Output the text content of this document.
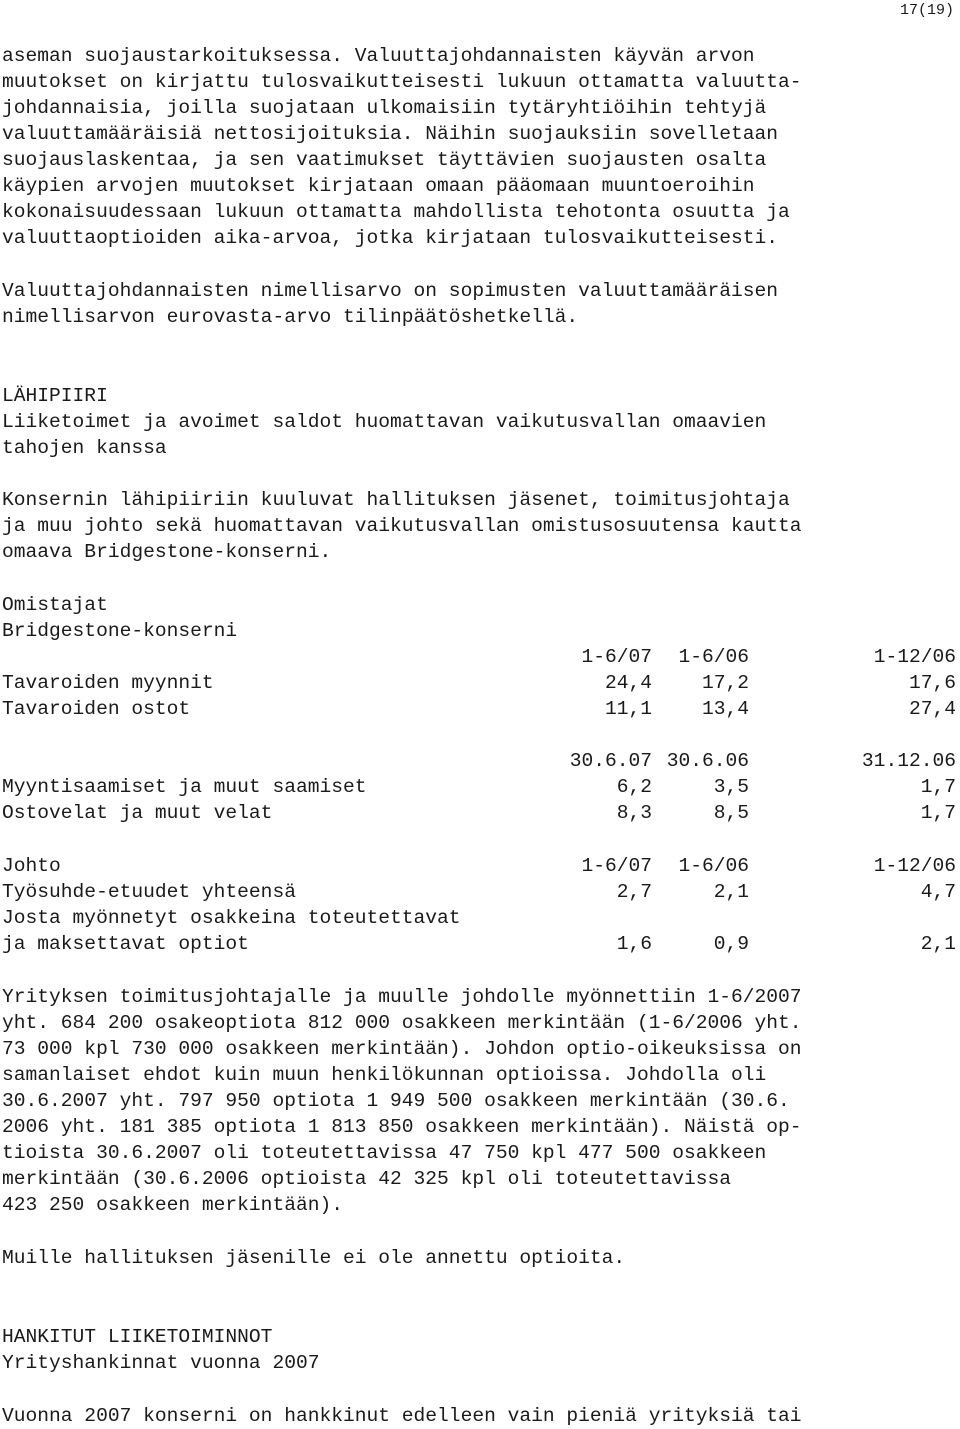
17(19)
aseman suojaustarkoituksessa. Valuuttajohdannaisten käyvän arvon
muutokset on kirjattu tulosvaikutteisesti lukuun ottamatta valuutta-
johdannaisia, joilla suojataan ulkomaisiin tytäryhtiöihin tehtyjä
valuuttamääräisiä nettosijoituksia. Näihin suojauksiin sovelletaan
suojauslaskentaa, ja sen vaatimukset täyttävien suojausten osalta
käypien arvojen muutokset kirjataan omaan pääomaan muuntoeroihin
kokonaisuudessaan lukuun ottamatta mahdollista tehotonta osuutta ja
valuuttaoptioiden aika-arvoa, jotka kirjataan tulosvaikutteisesti.
Valuuttajohdannaisten nimellisarvo on sopimusten valuuttamääräisen
nimellisarvon eurovasta-arvo tilinpäätöshetkellä.
LÄHIPIIRI
Liiketoimet ja avoimet saldot huomattavan vaikutusvallan omaavien
tahojen kanssa
Konsernin lähipiiriin kuuluvat hallituksen jäsenet, toimitusjohtaja
ja muu johto sekä huomattavan vaikutusvallan omistusosuutensa kautta
omaava Bridgestone-konserni.
Omistajat
Bridgestone-konserni
1-6/07	1-6/06	1-12/06
Tavaroiden myynnit	24,4	17,2	17,6
Tavaroiden ostot	11,1	13,4	27,4
30.6.07 30.6.06	31.12.06
Myyntisaamiset ja muut saamiset	6,2	3,5	1,7
Ostovelat ja muut velat	8,3	8,5	1,7
Johto	1-6/07	1-6/06	1-12/06
Työsuhde-etuudet yhteensä	2,7	2,1	4,7
Josta myönnetyt osakkeina toteutettavat
ja maksettavat optiot	1,6	0,9	2,1
Yrityksen toimitusjohtajalle ja muulle johdolle myönnettiin 1-6/2007
yht. 684 200 osakeoptiota 812 000 osakkeen merkintään (1-6/2006 yht.
73 000 kpl 730 000 osakkeen merkintään). Johdon optio-oikeuksissa on
samanlaiset ehdot kuin muun henkilökunnan optioissa. Johdolla oli
30.6.2007 yht. 797 950 optiota 1 949 500 osakkeen merkintään (30.6.
2006 yht. 181 385 optiota 1 813 850 osakkeen merkintään). Näistä op-
tioista 30.6.2007 oli toteutettavissa 47 750 kpl 477 500 osakkeen
merkintään (30.6.2006 optioista 42 325 kpl oli toteutettavissa
423 250 osakkeen merkintään).
Muille hallituksen jäsenille ei ole annettu optioita.
HANKITUT LIIKETOIMINNOT
Yrityshankinnat vuonna 2007
Vuonna 2007 konserni on hankkinut edelleen vain pieniä yrityksiä tai
